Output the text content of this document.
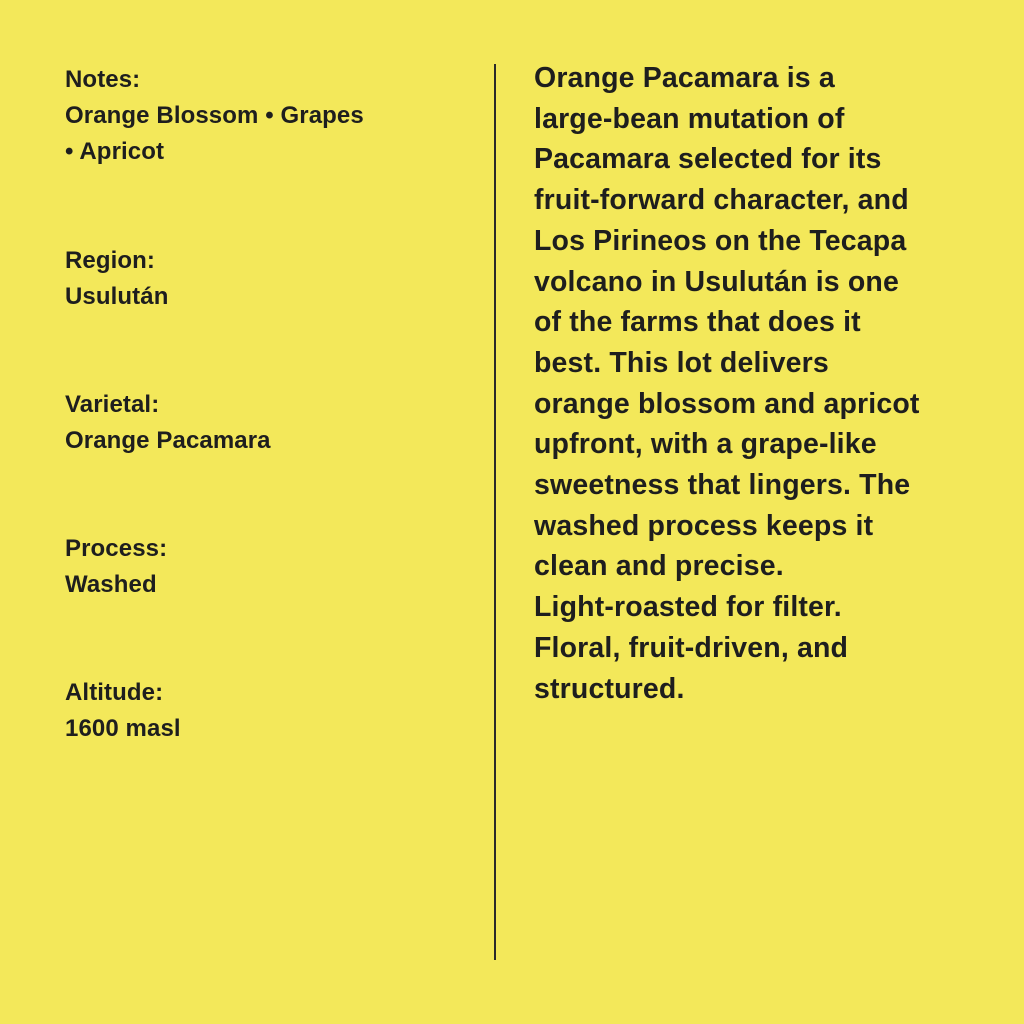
Notes:
Orange Blossom • Grapes
• Apricot
Region:
Usulután
Varietal:
Orange Pacamara
Process:
Washed
Altitude:
1600 masl

Orange Pacamara is a
large-bean mutation of
Pacamara selected for its
fruit-forward character, and
Los Pirineos on the Tecapa
volcano in Usulután is one
of the farms that does it
best. This lot delivers
orange blossom and apricot
upfront, with a grape-like
sweetness that lingers. The
washed process keeps it
clean and precise.
Light-roasted for filter.
Floral, fruit-driven, and
structured.
